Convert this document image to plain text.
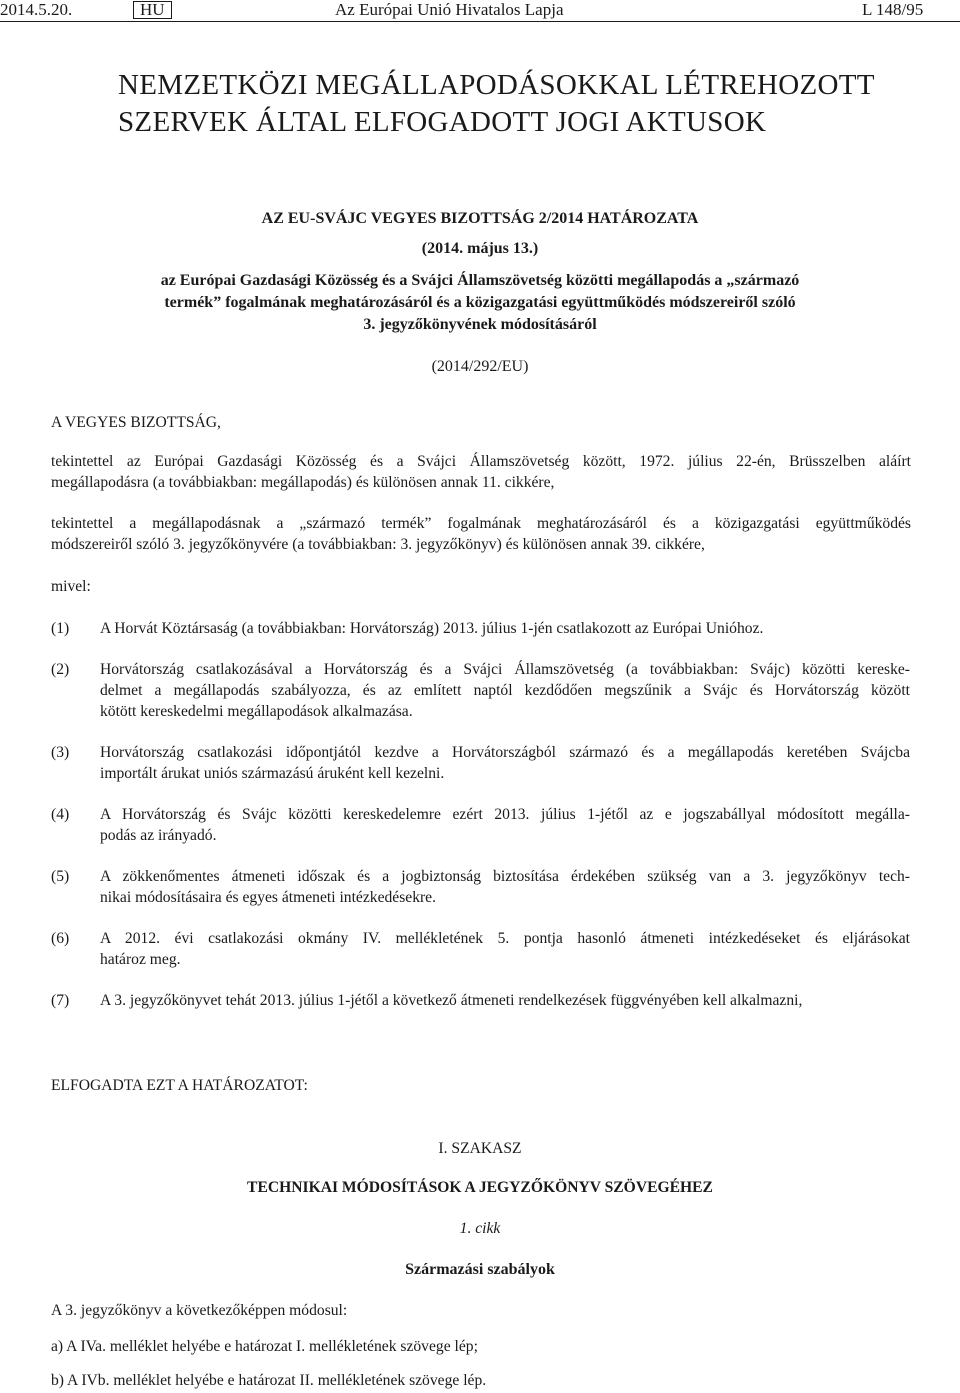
2014.5.20.	HU	Az Európai Unió Hivatalos Lapja	L 148/95
NEMZETKÖZI MEGÁLLAPODÁSOKKAL LÉTREHOZOTT
SZERVEK ÁLTAL ELFOGADOTT JOGI AKTUSOK
AZ EU-SVÁJC VEGYES BIZOTTSÁG 2/2014 HATÁROZATA
(2014. május 13.)
az Európai Gazdasági Közösség és a Svájci Államszövetség közötti megállapodás a „származó
termék” fogalmának meghatározásáról és a közigazgatási együttműködés módszereiről szóló
3. jegyzőkönyvének módosításáról
(2014/292/EU)
A VEGYES BIZOTTSÁG,
tekintettel az Európai Gazdasági Közösség és a Svájci Államszövetség között, 1972. július 22-én, Brüsszelben aláírt
megállapodásra (a továbbiakban: megállapodás) és különösen annak 11. cikkére,
tekintettel a megállapodásnak a „származó termék” fogalmának meghatározásáról és a közigazgatási együttműködés
módszereiről szóló 3. jegyzőkönyvére (a továbbiakban: 3. jegyzőkönyv) és különösen annak 39. cikkére,
mivel:
(1) A Horvát Köztársaság (a továbbiakban: Horvátország) 2013. július 1-jén csatlakozott az Európai Unióhoz.
(2) Horvátország csatlakozásával a Horvátország és a Svájci Államszövetség (a továbbiakban: Svájc) közötti kereske-
delmet a megállapodás szabályozza, és az említett naptól kezdődően megszűnik a Svájc és Horvátország között
kötött kereskedelmi megállapodások alkalmazása.
(3) Horvátország csatlakozási időpontjától kezdve a Horvátországból származó és a megállapodás keretében Svájcba
importált árukat uniós származású áruként kell kezelni.
(4) A Horvátország és Svájc közötti kereskedelemre ezért 2013. július 1-jétől az e jogszabállyal módosított megálla-
podás az irányadó.
(5) A zökkenőmentes átmeneti időszak és a jogbiztonság biztosítása érdekében szükség van a 3. jegyzőkönyv tech-
nikai módosításaira és egyes átmeneti intézkedésekre.
(6) A 2012. évi csatlakozási okmány IV. mellékletének 5. pontja hasonló átmeneti intézkedéseket és eljárásokat
határoz meg.
(7) A 3. jegyzőkönyvet tehát 2013. július 1-jétől a következő átmeneti rendelkezések függvényében kell alkalmazni,
ELFOGADTA EZT A HATÁROZATOT:
I. SZAKASZ
TECHNIKAI MÓDOSÍTÁSOK A JEGYZŐKÖNYV SZÖVEGÉHEZ
1. cikk
Származási szabályok
A 3. jegyzőkönyv a következőképpen módosul:
a) A IVa. melléklet helyébe e határozat I. mellékletének szövege lép;
b) A IVb. melléklet helyébe e határozat II. mellékletének szövege lép.
